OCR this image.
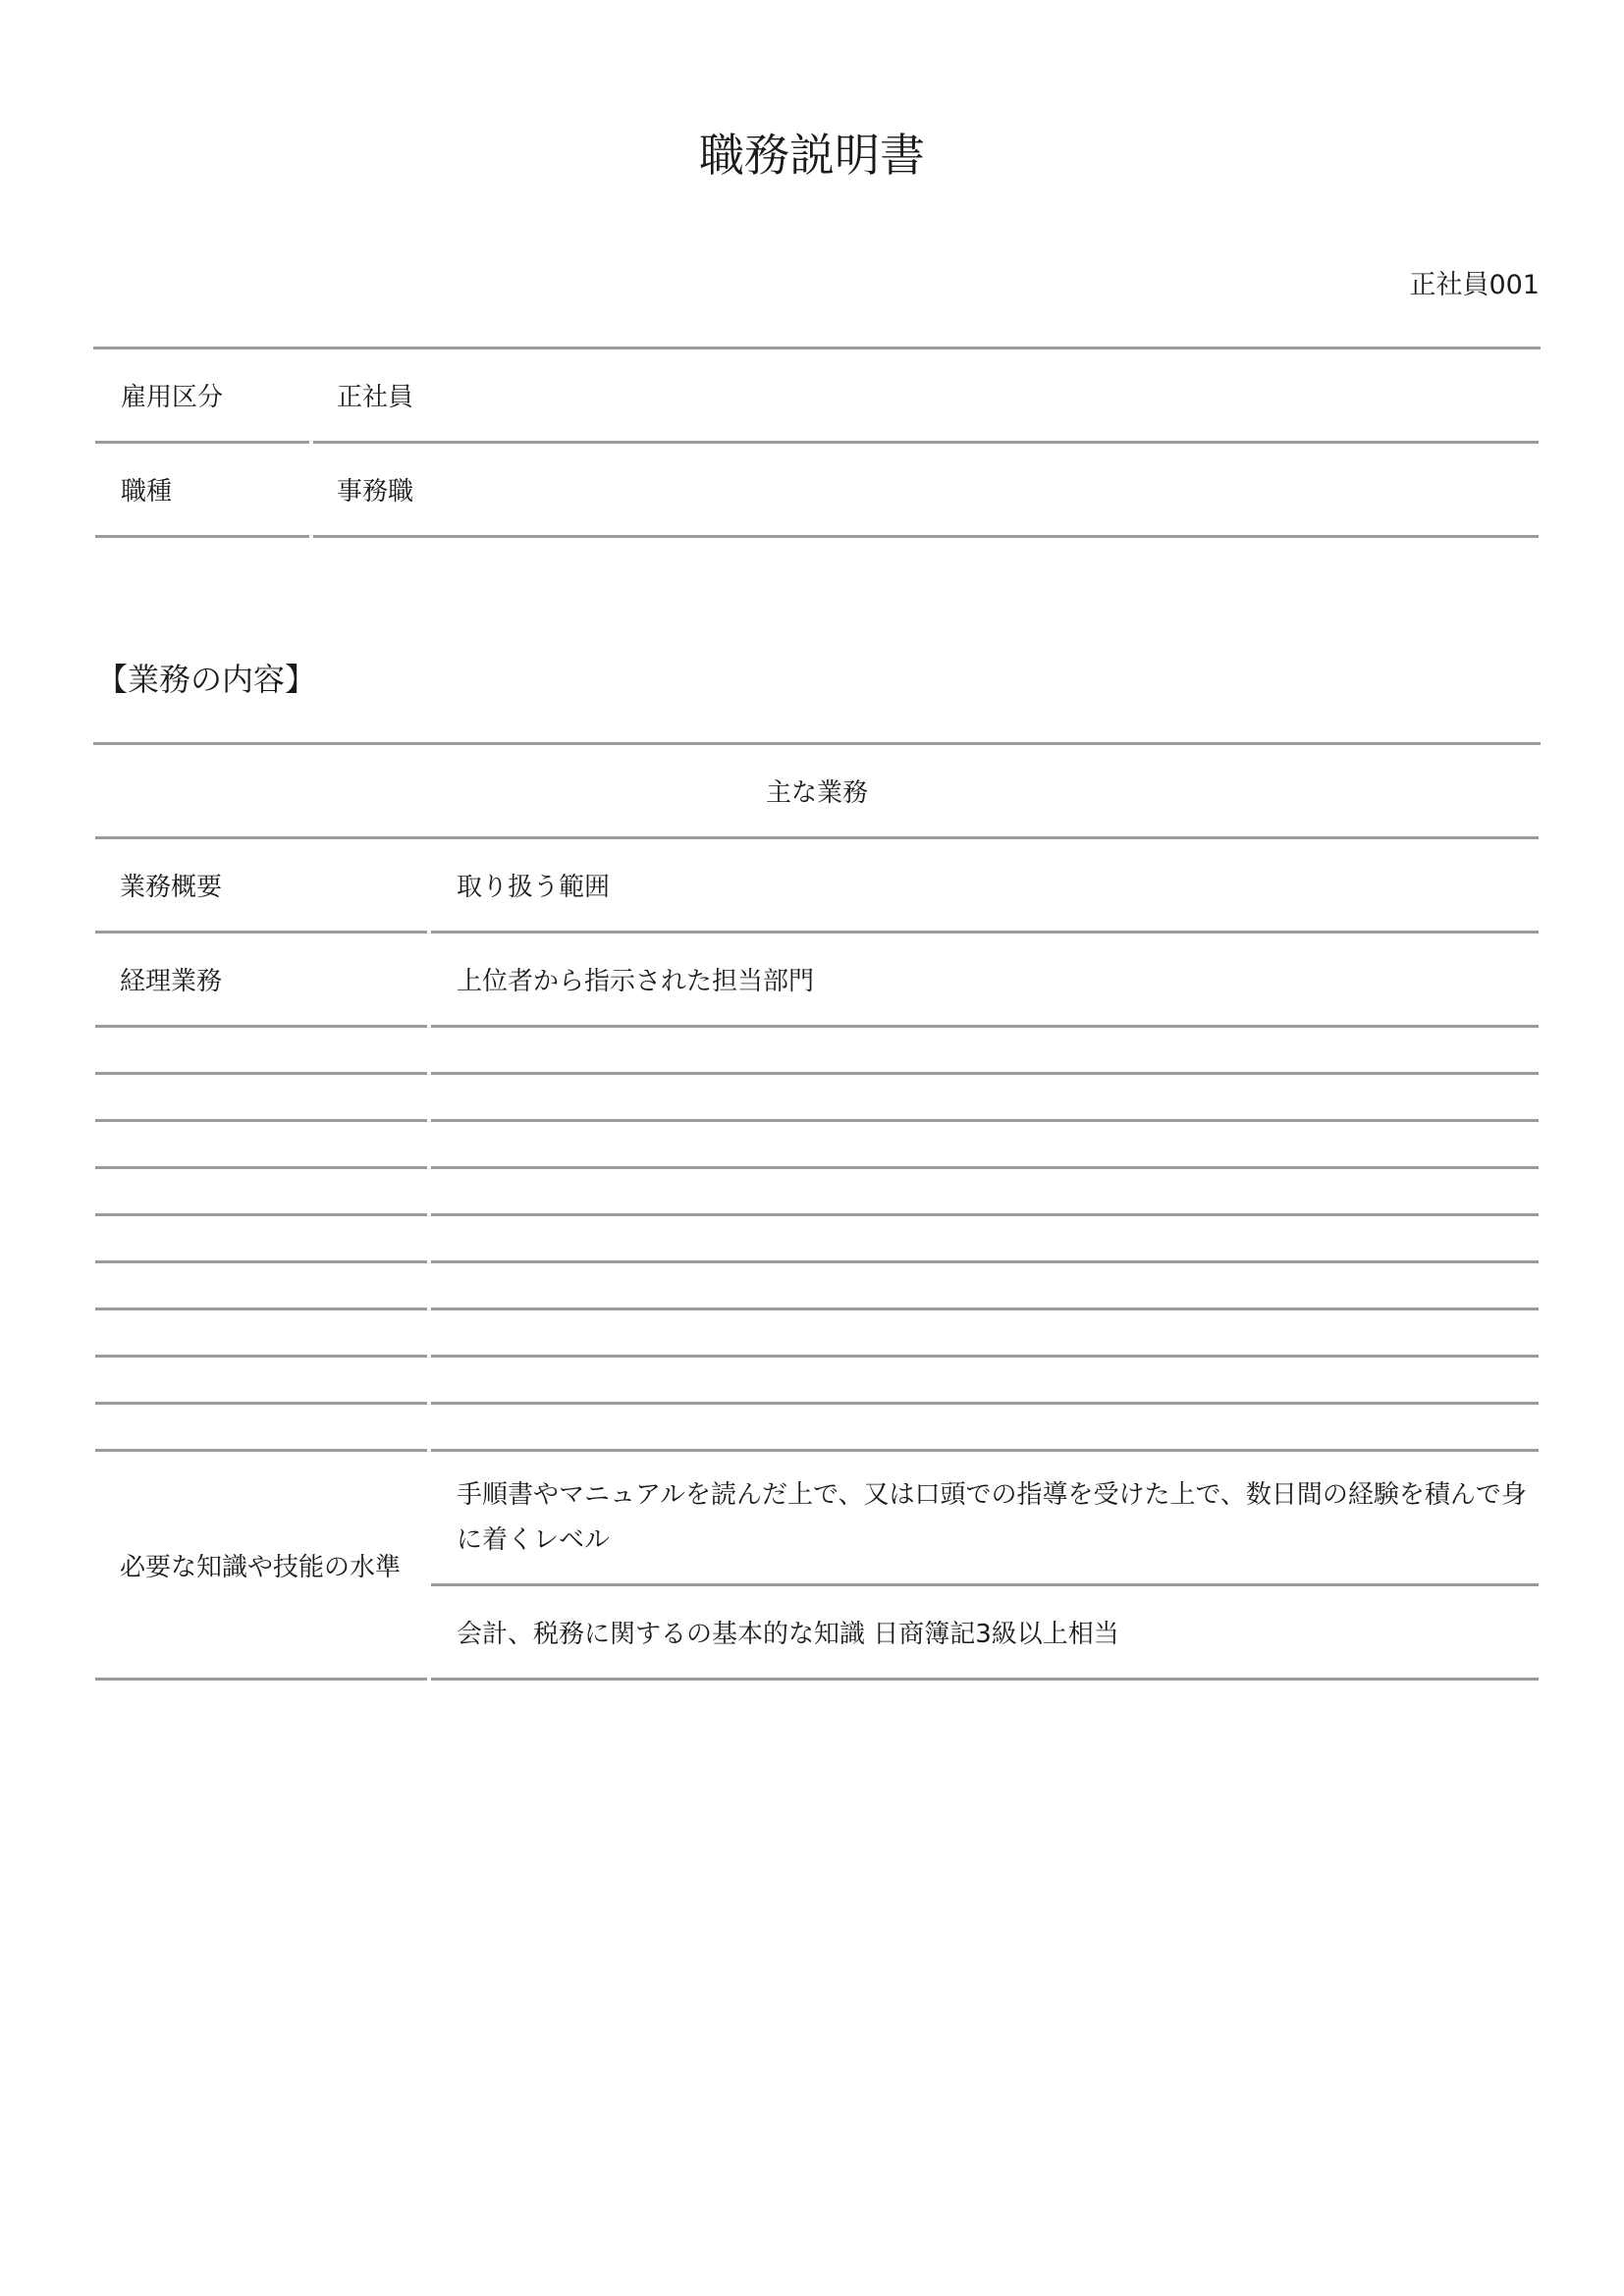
職務説明書
正社員001
雇用区分		正社員
職種		事務職
【業務の内容】
主な業務		
業務概要		取り扱う範囲
経理業務		上位者から指示された担当部門

必要な知識や技能の水準		手順書やマニュアルを読んだ上で、又は口頭での指導を受けた上で、数日間の経験を積んで身に着くレベル
		会計、税務に関するの基本的な知識 日商簿記3級以上相当
